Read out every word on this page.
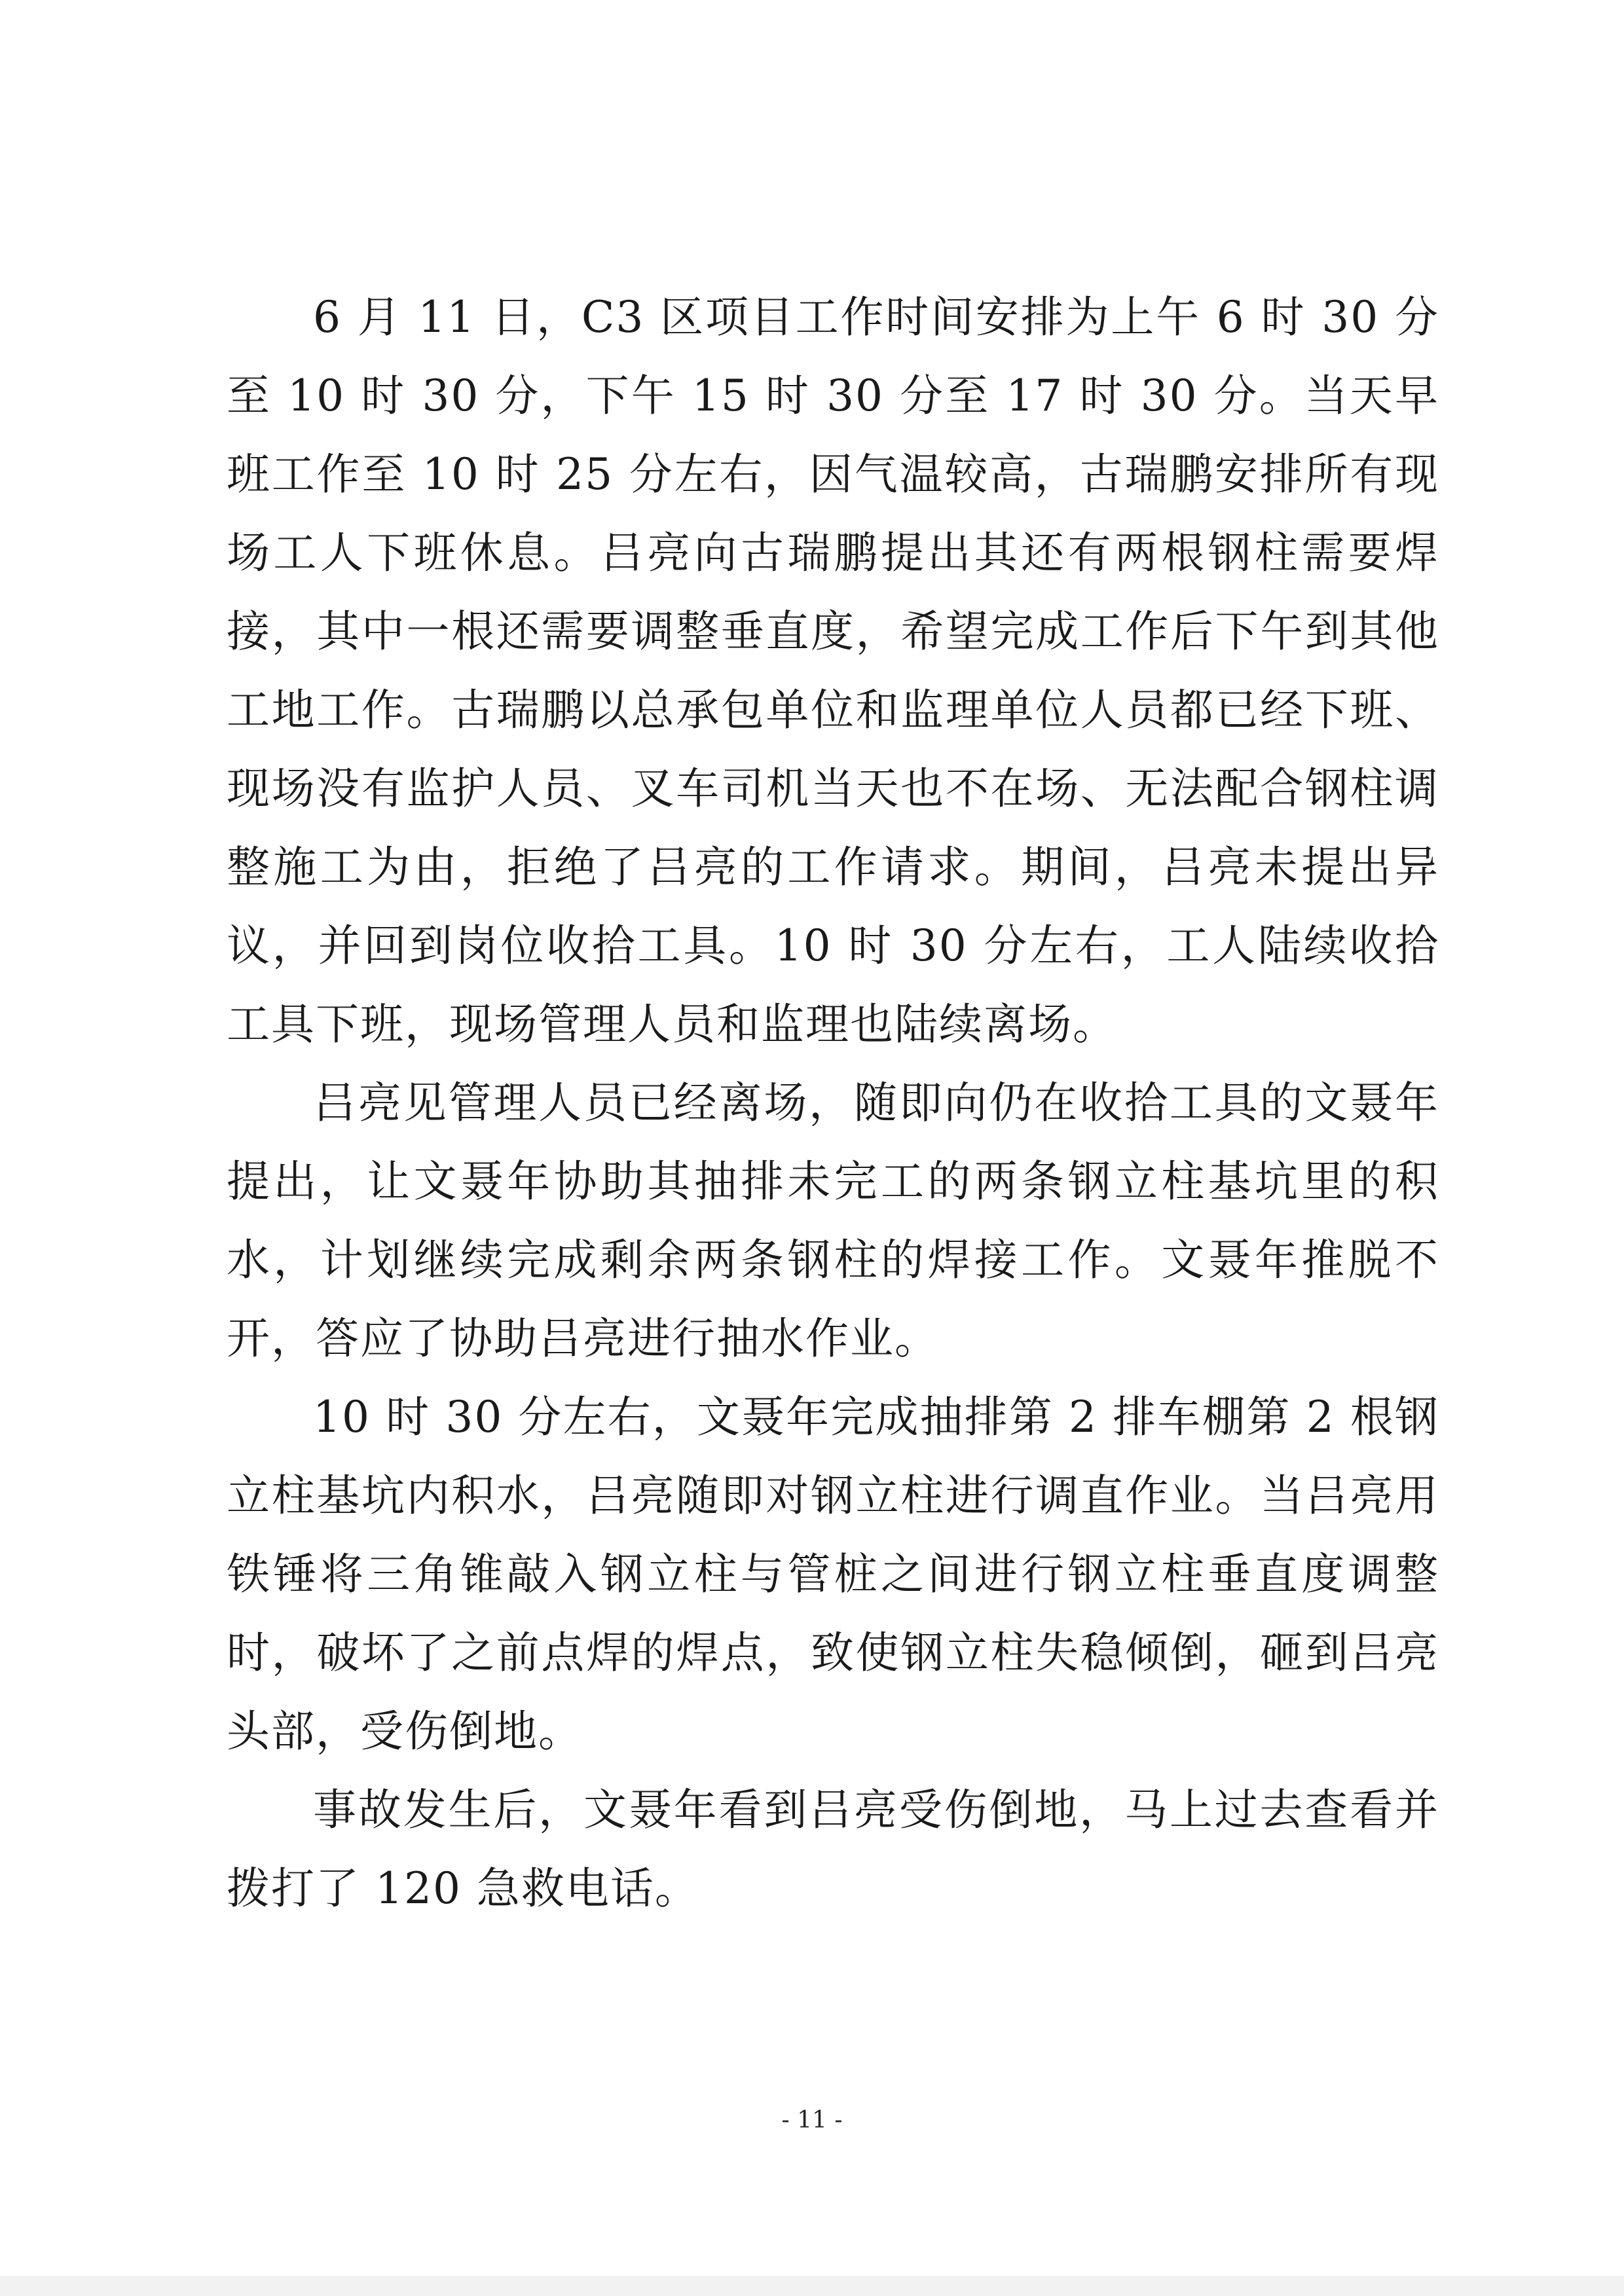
6 月 11 日，C3 区项目工作时间安排为上午 6 时 30 分至 10 时 30 分，下午 15 时 30 分至 17 时 30 分。当天早班工作至 10 时 25 分左右，因气温较高，古瑞鹏安排所有现场工人下班休息。吕亮向古瑞鹏提出其还有两根钢柱需要焊接，其中一根还需要调整垂直度，希望完成工作后下午到其他工地工作。古瑞鹏以总承包单位和监理单位人员都已经下班、现场没有监护人员、叉车司机当天也不在场、无法配合钢柱调整施工为由，拒绝了吕亮的工作请求。期间，吕亮未提出异议，并回到岗位收拾工具。10 时 30 分左右，工人陆续收拾工具下班，现场管理人员和监理也陆续离场。

吕亮见管理人员已经离场，随即向仍在收拾工具的文聂年提出，让文聂年协助其抽排未完工的两条钢立柱基坑里的积水，计划继续完成剩余两条钢柱的焊接工作。文聂年推脱不开，答应了协助吕亮进行抽水作业。

10 时 30 分左右，文聂年完成抽排第 2 排车棚第 2 根钢立柱基坑内积水，吕亮随即对钢立柱进行调直作业。当吕亮用铁锤将三角锥敲入钢立柱与管桩之间进行钢立柱垂直度调整时，破坏了之前点焊的焊点，致使钢立柱失稳倾倒，砸到吕亮头部，受伤倒地。

事故发生后，文聂年看到吕亮受伤倒地，马上过去查看并拨打了 120 急救电话。

- 11 -
